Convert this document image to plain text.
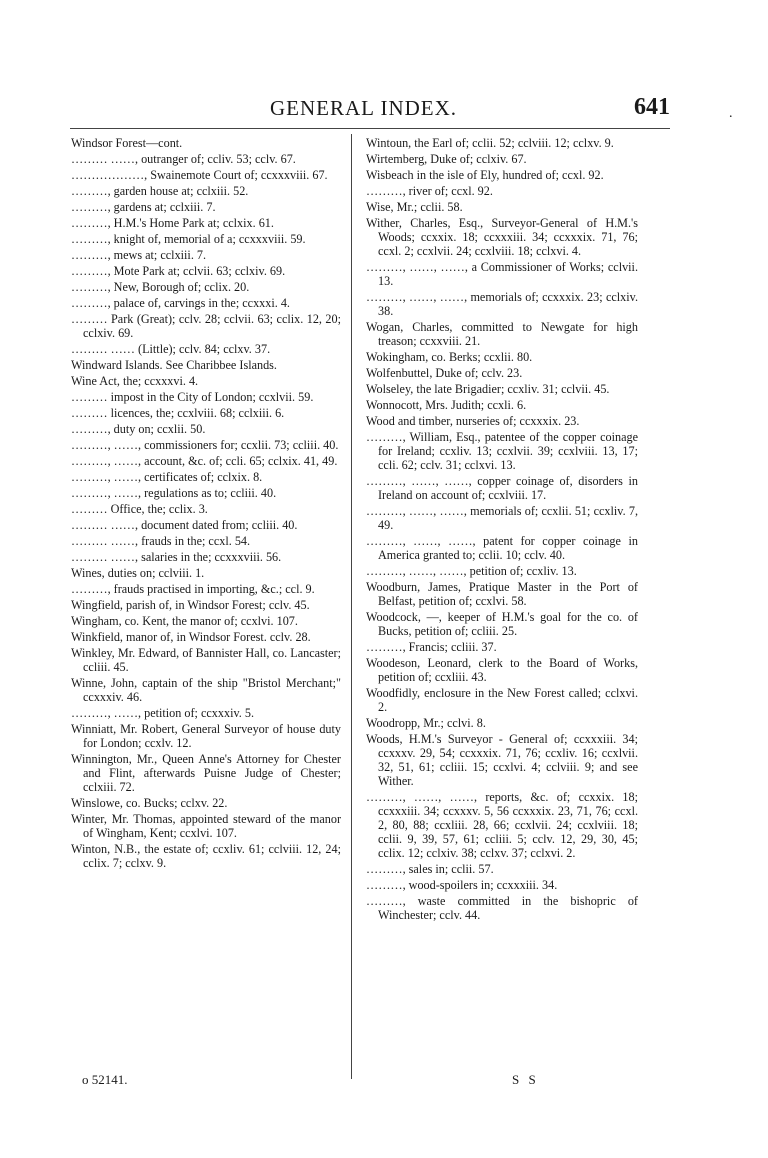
GENERAL INDEX.	641	.
Windsor Forest—cont.
……… ……, outranger of; ccliv. 53; cclv. 67.
………………, Swainemote Court of; ccxxxviii. 67.
………, garden house at; cclxiii. 52.
………, gardens at; cclxiii. 7.
………, H.M.'s Home Park at; cclxix. 61.
………, knight of, memorial of a; ccxxxviii. 59.
………, mews at; cclxiii. 7.
………, Mote Park at; cclvii. 63; cclxiv. 69.
………, New, Borough of; cclix. 20.
………, palace of, carvings in the; ccxxxi. 4.
……… Park (Great); cclv. 28; cclvii. 63; cclix. 12, 20; cclxiv. 69.
……… …… (Little); cclv. 84; cclxv. 37.
Windward Islands. See Charibbee Islands.
Wine Act, the; ccxxxvi. 4.
……… impost in the City of London; ccxlvii. 59.
……… licences, the; ccxlviii. 68; cclxiii. 6.
………, duty on; ccxlii. 50.
………, ……, commissioners for; ccxlii. 73; ccliii. 40.
………, ……, account, &c. of; ccli. 65; cclxix. 41, 49.
………, ……, certificates of; cclxix. 8.
………, ……, regulations as to; ccliii. 40.
……… Office, the; cclix. 3.
……… ……, document dated from; ccliii. 40.
……… ……, frauds in the; ccxl. 54.
……… ……, salaries in the; ccxxxviii. 56.
Wines, duties on; cclviii. 1.
………, frauds practised in importing, &c.; ccl. 9.
Wingfield, parish of, in Windsor Forest; cclv. 45.
Wingham, co. Kent, the manor of; ccxlvi. 107.
Winkfield, manor of, in Windsor Forest. cclv. 28.
Winkley, Mr. Edward, of Bannister Hall, co. Lancaster; ccliii. 45.
Winne, John, captain of the ship "Bristol Merchant;" ccxxxiv. 46.
………, ……, petition of; ccxxxiv. 5.
Winniatt, Mr. Robert, General Surveyor of house duty for London; ccxlv. 12.
Winnington, Mr., Queen Anne's Attorney for Chester and Flint, afterwards Puisne Judge of Chester; cclxiii. 72.
Winslowe, co. Bucks; cclxv. 22.
Winter, Mr. Thomas, appointed steward of the manor of Wingham, Kent; ccxlvi. 107.
Winton, N.B., the estate of; ccxliv. 61; cclviii. 12, 24; cclix. 7; cclxv. 9.
Wintoun, the Earl of; cclii. 52; cclviii. 12; cclxv. 9.
Wirtemberg, Duke of; cclxiv. 67.
Wisbeach in the isle of Ely, hundred of; ccxl. 92.
………, river of; ccxl. 92.
Wise, Mr.; cclii. 58.
Wither, Charles, Esq., Surveyor-General of H.M.'s Woods; ccxxix. 18; ccxxxiii. 34; ccxxxix. 71, 76; ccxl. 2; ccxlvii. 24; ccxlviii. 18; cclxvi. 4.
………, ……, ……, a Commissioner of Works; cclvii. 13.
………, ……, ……, memorials of; ccxxxix. 23; cclxiv. 38.
Wogan, Charles, committed to Newgate for high treason; ccxxviii. 21.
Wokingham, co. Berks; ccxlii. 80.
Wolfenbuttel, Duke of; cclv. 23.
Wolseley, the late Brigadier; ccxliv. 31; cclvii. 45.
Wonnocott, Mrs. Judith; ccxli. 6.
Wood and timber, nurseries of; ccxxxix. 23.
………, William, Esq., patentee of the copper coinage for Ireland; ccxliv. 13; ccxlvii. 39; ccxlviii. 13, 17; ccli. 62; cclv. 31; cclxvi. 13.
………, ……, ……, copper coinage of, disorders in Ireland on account of; ccxlviii. 17.
………, ……, ……, memorials of; ccxlii. 51; ccxliv. 7, 49.
………, ……, ……, patent for copper coinage in America granted to; cclii. 10; cclv. 40.
………, ……, ……, petition of; ccxliv. 13.
Woodburn, James, Pratique Master in the Port of Belfast, petition of; ccxlvi. 58.
Woodcock, —, keeper of H.M.'s goal for the co. of Bucks, petition of; ccliii. 25.
………, Francis; ccliii. 37.
Woodeson, Leonard, clerk to the Board of Works, petition of; ccxliii. 43.
Woodfidly, enclosure in the New Forest called; cclxvi. 2.
Woodropp, Mr.; cclvi. 8.
Woods, H.M.'s Surveyor - General of; ccxxxiii. 34; ccxxxv. 29, 54; ccxxxix. 71, 76; ccxliv. 16; ccxlvii. 32, 51, 61; ccliii. 15; ccxlvi. 4; cclviii. 9; and see Wither.
………, ……, ……, reports, &c. of; ccxxix. 18; ccxxxiii. 34; ccxxxv. 5, 56 ccxxxix. 23, 71, 76; ccxl. 2, 80, 88; ccxliii. 28, 66; ccxlvii. 24; ccxlviii. 18; cclii. 9, 39, 57, 61; ccliii. 5; cclv. 12, 29, 30, 45; cclix. 12; cclxiv. 38; cclxv. 37; cclxvi. 2.
………, sales in; cclii. 57.
………, wood-spoilers in; ccxxxiii. 34.
………, waste committed in the bishopric of Winchester; cclv. 44.
o 52141.	S S
